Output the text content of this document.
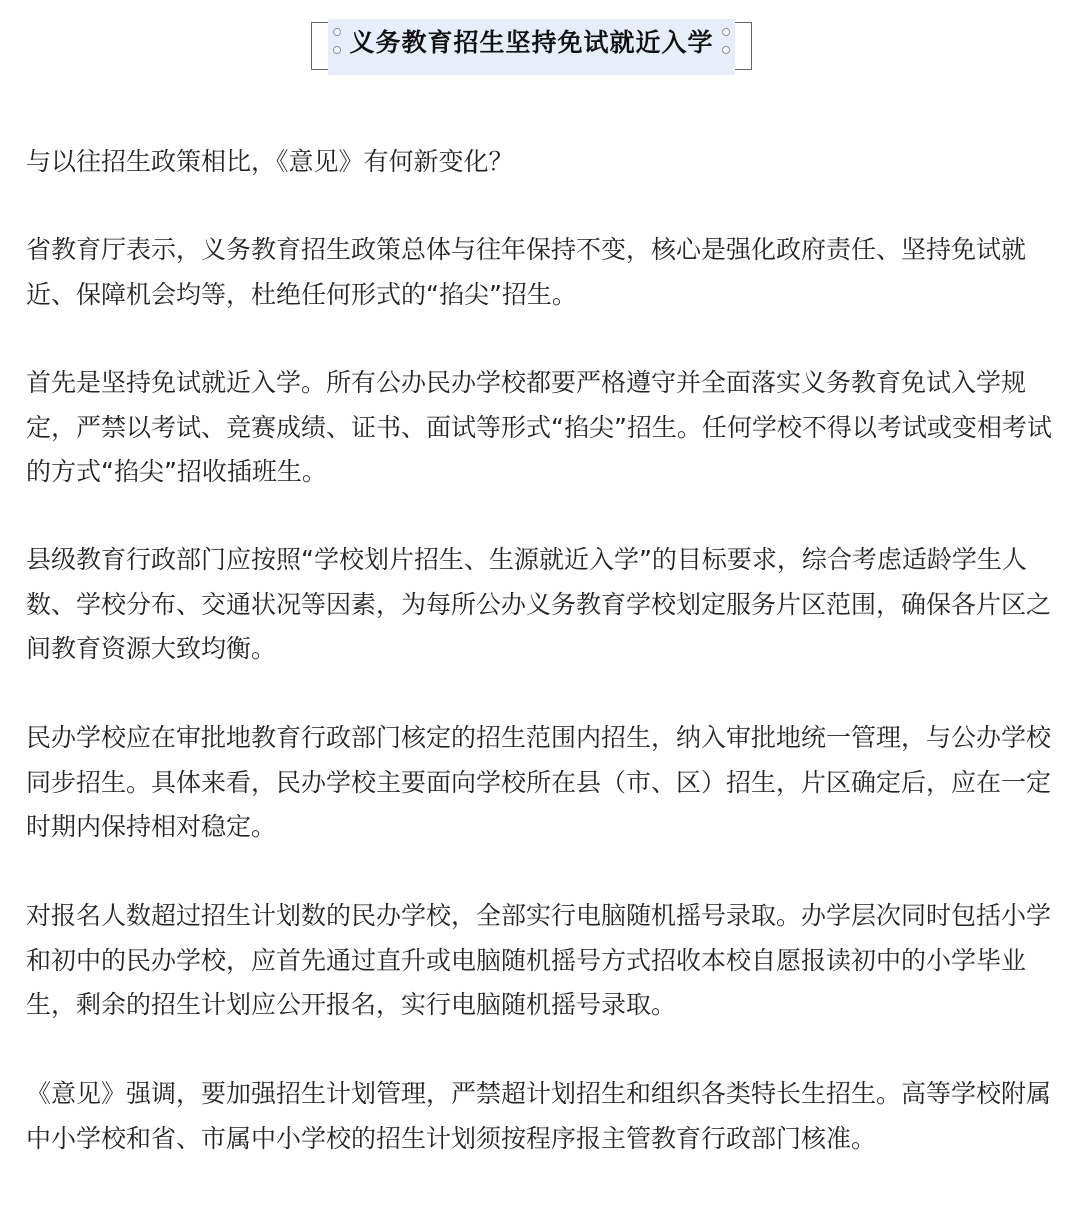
义务教育招生坚持免试就近入学

与以往招生政策相比，《意见》有何新变化？

省教育厅表示，义务教育招生政策总体与往年保持不变，核心是强化政府责任、坚持免试就近、保障机会均等，杜绝任何形式的“掐尖”招生。

首先是坚持免试就近入学。所有公办民办学校都要严格遵守并全面落实义务教育免试入学规定，严禁以考试、竞赛成绩、证书、面试等形式“掐尖”招生。任何学校不得以考试或变相考试的方式“掐尖”招收插班生。

县级教育行政部门应按照“学校划片招生、生源就近入学”的目标要求，综合考虑适龄学生人数、学校分布、交通状况等因素，为每所公办义务教育学校划定服务片区范围，确保各片区之间教育资源大致均衡。

民办学校应在审批地教育行政部门核定的招生范围内招生，纳入审批地统一管理，与公办学校同步招生。具体来看，民办学校主要面向学校所在县（市、区）招生，片区确定后，应在一定时期内保持相对稳定。

对报名人数超过招生计划数的民办学校，全部实行电脑随机摇号录取。办学层次同时包括小学和初中的民办学校，应首先通过直升或电脑随机摇号方式招收本校自愿报读初中的小学毕业生，剩余的招生计划应公开报名，实行电脑随机摇号录取。

《意见》强调，要加强招生计划管理，严禁超计划招生和组织各类特长生招生。高等学校附属中小学校和省、市属中小学校的招生计划须按程序报主管教育行政部门核准。
